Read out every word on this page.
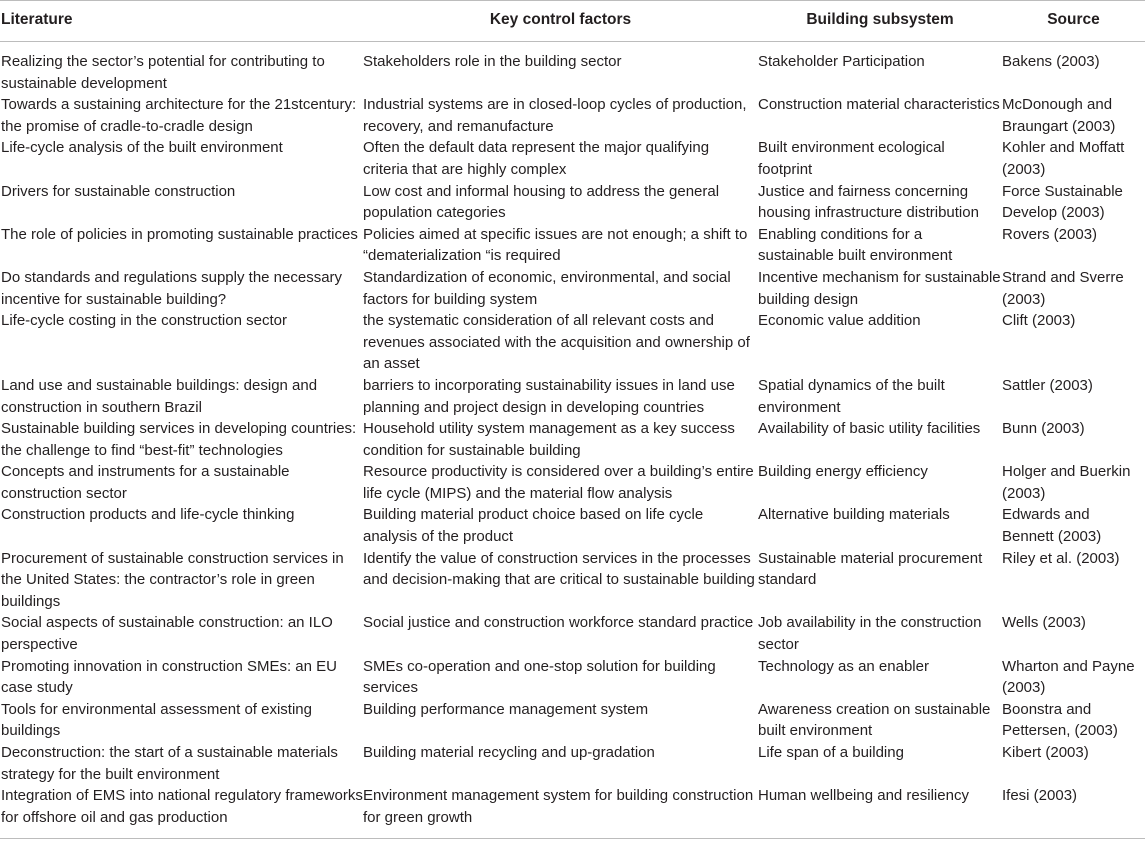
Literature	Key control factors	Building subsystem	Source
Realizing the sector’s potential for contributing to sustainable development	Stakeholders role in the building sector	Stakeholder Participation	Bakens (2003)
Towards a sustaining architecture for the 21stcentury: the promise of cradle-to-cradle design	Industrial systems are in closed-loop cycles of production, recovery, and remanufacture	Construction material characteristics	McDonough and Braungart (2003)
Life-cycle analysis of the built environment	Often the default data represent the major qualifying criteria that are highly complex	Built environment ecological footprint	Kohler and Moffatt (2003)
Drivers for sustainable construction	Low cost and informal housing to address the general population categories	Justice and fairness concerning housing infrastructure distribution	Force Sustainable Develop (2003)
The role of policies in promoting sustainable practices	Policies aimed at specific issues are not enough; a shift to “dematerialization “is required	Enabling conditions for a sustainable built environment	Rovers (2003)
Do standards and regulations supply the necessary incentive for sustainable building?	Standardization of economic, environmental, and social factors for building system	Incentive mechanism for sustainable building design	Strand and Sverre (2003)
Life-cycle costing in the construction sector	the systematic consideration of all relevant costs and revenues associated with the acquisition and ownership of an asset	Economic value addition	Clift (2003)
Land use and sustainable buildings: design and construction in southern Brazil	barriers to incorporating sustainability issues in land use planning and project design in developing countries	Spatial dynamics of the built environment	Sattler (2003)
Sustainable building services in developing countries: the challenge to find “best-fit” technologies	Household utility system management as a key success condition for sustainable building	Availability of basic utility facilities	Bunn (2003)
Concepts and instruments for a sustainable construction sector	Resource productivity is considered over a building’s entire life cycle (MIPS) and the material flow analysis	Building energy efficiency	Holger and Buerkin (2003)
Construction products and life-cycle thinking	Building material product choice based on life cycle analysis of the product	Alternative building materials	Edwards and Bennett (2003)
Procurement of sustainable construction services in the United States: the contractor’s role in green buildings	Identify the value of construction services in the processes and decision-making that are critical to sustainable building	Sustainable material procurement standard	Riley et al. (2003)
Social aspects of sustainable construction: an ILO perspective	Social justice and construction workforce standard practice	Job availability in the construction sector	Wells (2003)
Promoting innovation in construction SMEs: an EU case study	SMEs co-operation and one-stop solution for building services	Technology as an enabler	Wharton and Payne (2003)
Tools for environmental assessment of existing buildings	Building performance management system	Awareness creation on sustainable built environment	Boonstra and Pettersen, (2003)
Deconstruction: the start of a sustainable materials strategy for the built environment	Building material recycling and up-gradation	Life span of a building	Kibert (2003)
Integration of EMS into national regulatory frameworks for offshore oil and gas production	Environment management system for building construction for green growth	Human wellbeing and resiliency	Ifesi (2003)
